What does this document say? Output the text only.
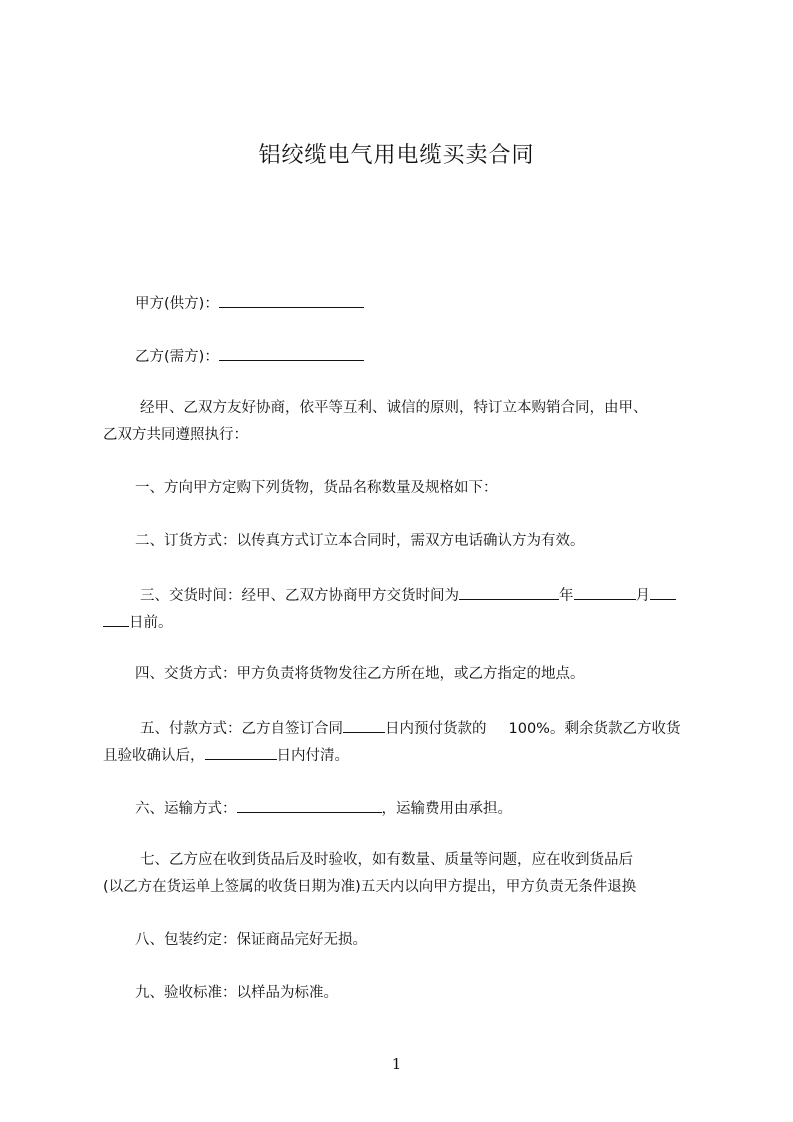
铝绞缆电气用电缆买卖合同
甲方(供方)：
乙方(需方)：
经甲、乙双方友好协商，依平等互利、诚信的原则，特订立本购销合同，由甲、
乙双方共同遵照执行：
一、方向甲方定购下列货物，货品名称数量及规格如下：
二、订货方式：以传真方式订立本合同时，需双方电话确认方为有效。
三、交货时间：经甲、乙双方协商甲方交货时间为	年	月
日前。
四、交货方式：甲方负责将货物发往乙方所在地，或乙方指定的地点。
五、付款方式：乙方自签订合同	日内预付货款的 100%。剩余货款乙方收货
且验收确认后，	日内付清。
六、运输方式：	，运输费用由承担。
七、乙方应在收到货品后及时验收，如有数量、质量等问题，应在收到货品后
(以乙方在货运单上签属的收货日期为准)五天内以向甲方提出，甲方负责无条件退换
八、包装约定：保证商品完好无损。
九、验收标准：以样品为标准。
1
